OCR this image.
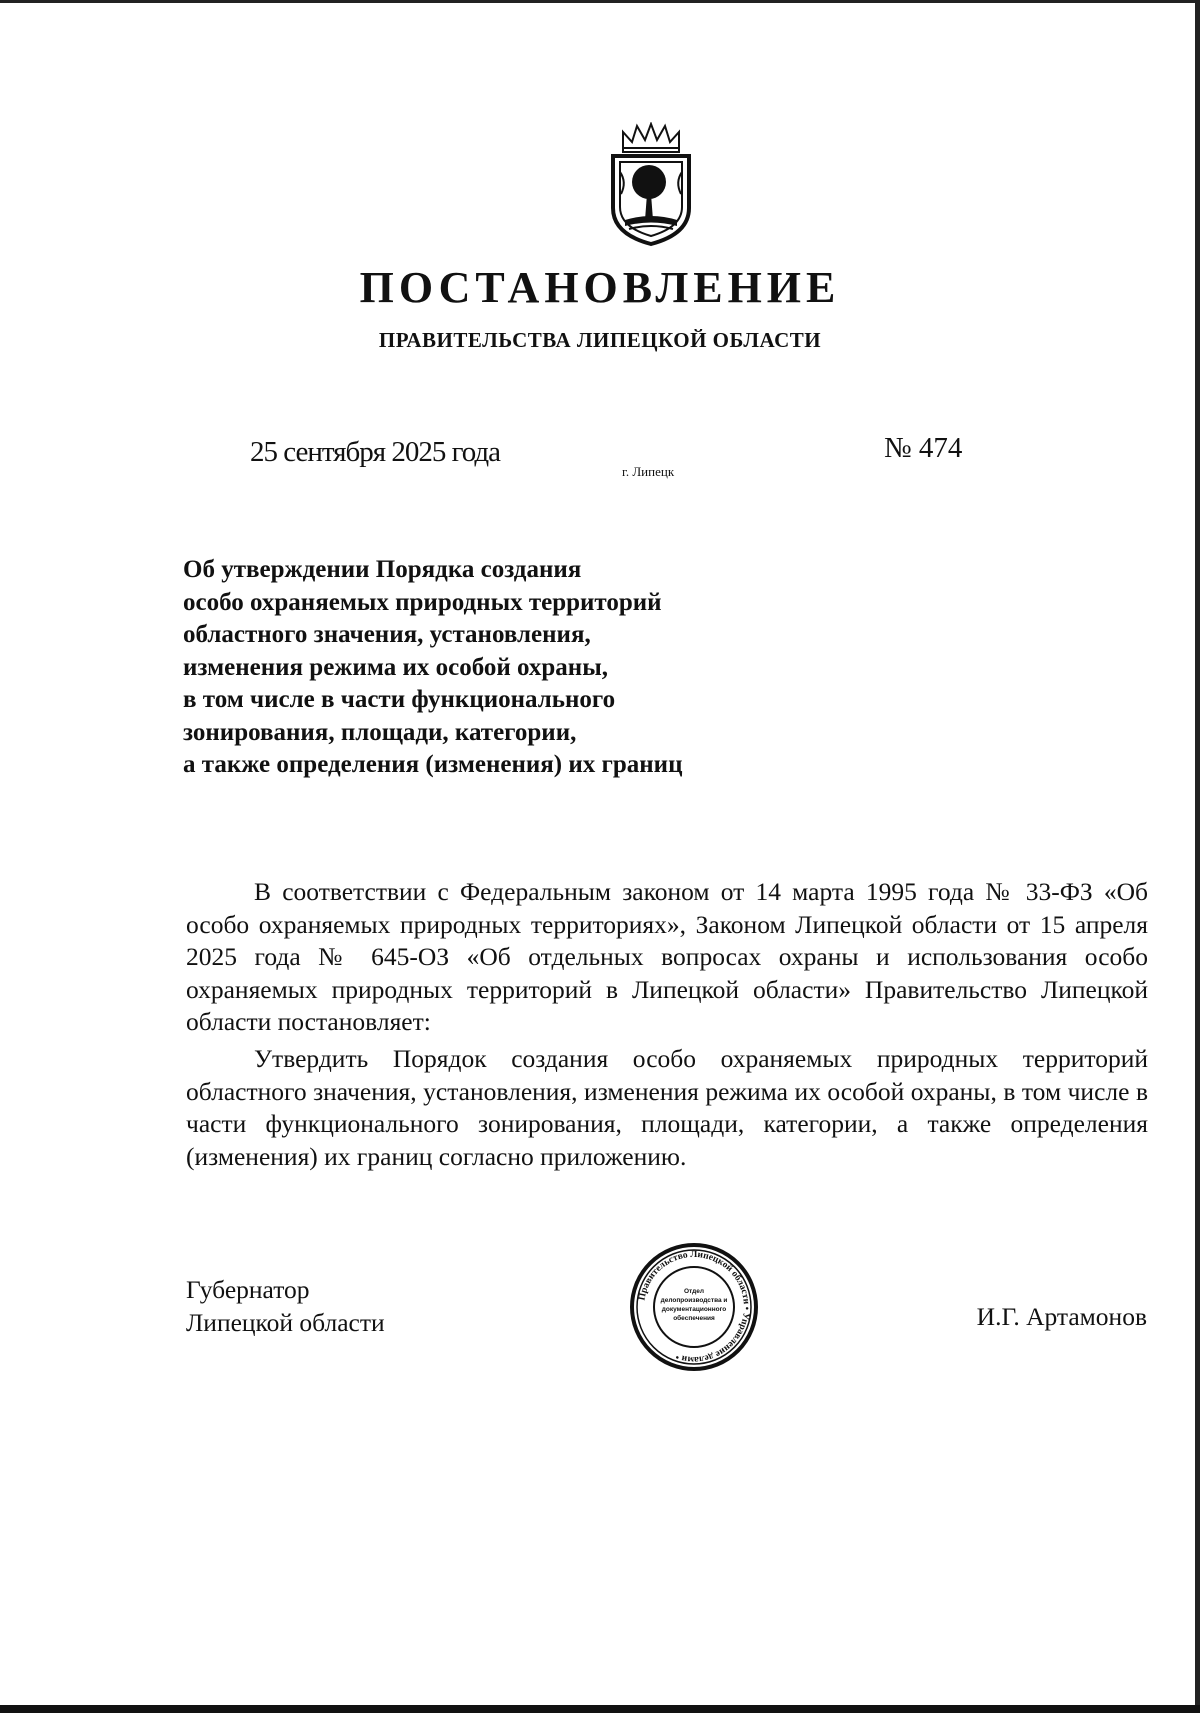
ПОСТАНОВЛЕНИЕ
ПРАВИТЕЛЬСТВА ЛИПЕЦКОЙ ОБЛАСТИ
25 сентября 2025 года
г. Липецк
№ 474
Об утверждении Порядка создания
особо охраняемых природных территорий
областного значения, установления,
изменения режима их особой охраны,
в том числе в части функционального
зонирования, площади, категории,
а также определения (изменения) их границ

В соответствии с Федеральным законом от 14 марта 1995 года № 33-ФЗ «Об особо охраняемых природных территориях», Законом Липецкой области от 15 апреля 2025 года № 645-ОЗ «Об отдельных вопросах охраны и использования особо охраняемых природных территорий в Липецкой области» Правительство Липецкой области постановляет:

Утвердить Порядок создания особо охраняемых природных территорий областного значения, установления, изменения режима их особой охраны, в том числе в части функционального зонирования, площади, категории, а также определения (изменения) их границ согласно приложению.

Губернатор
Липецкой области
Правительство Липецкой области • Управление делами •
Отдел
делопроизводства и
документационного
обеспечения	И.Г. Артамонов
